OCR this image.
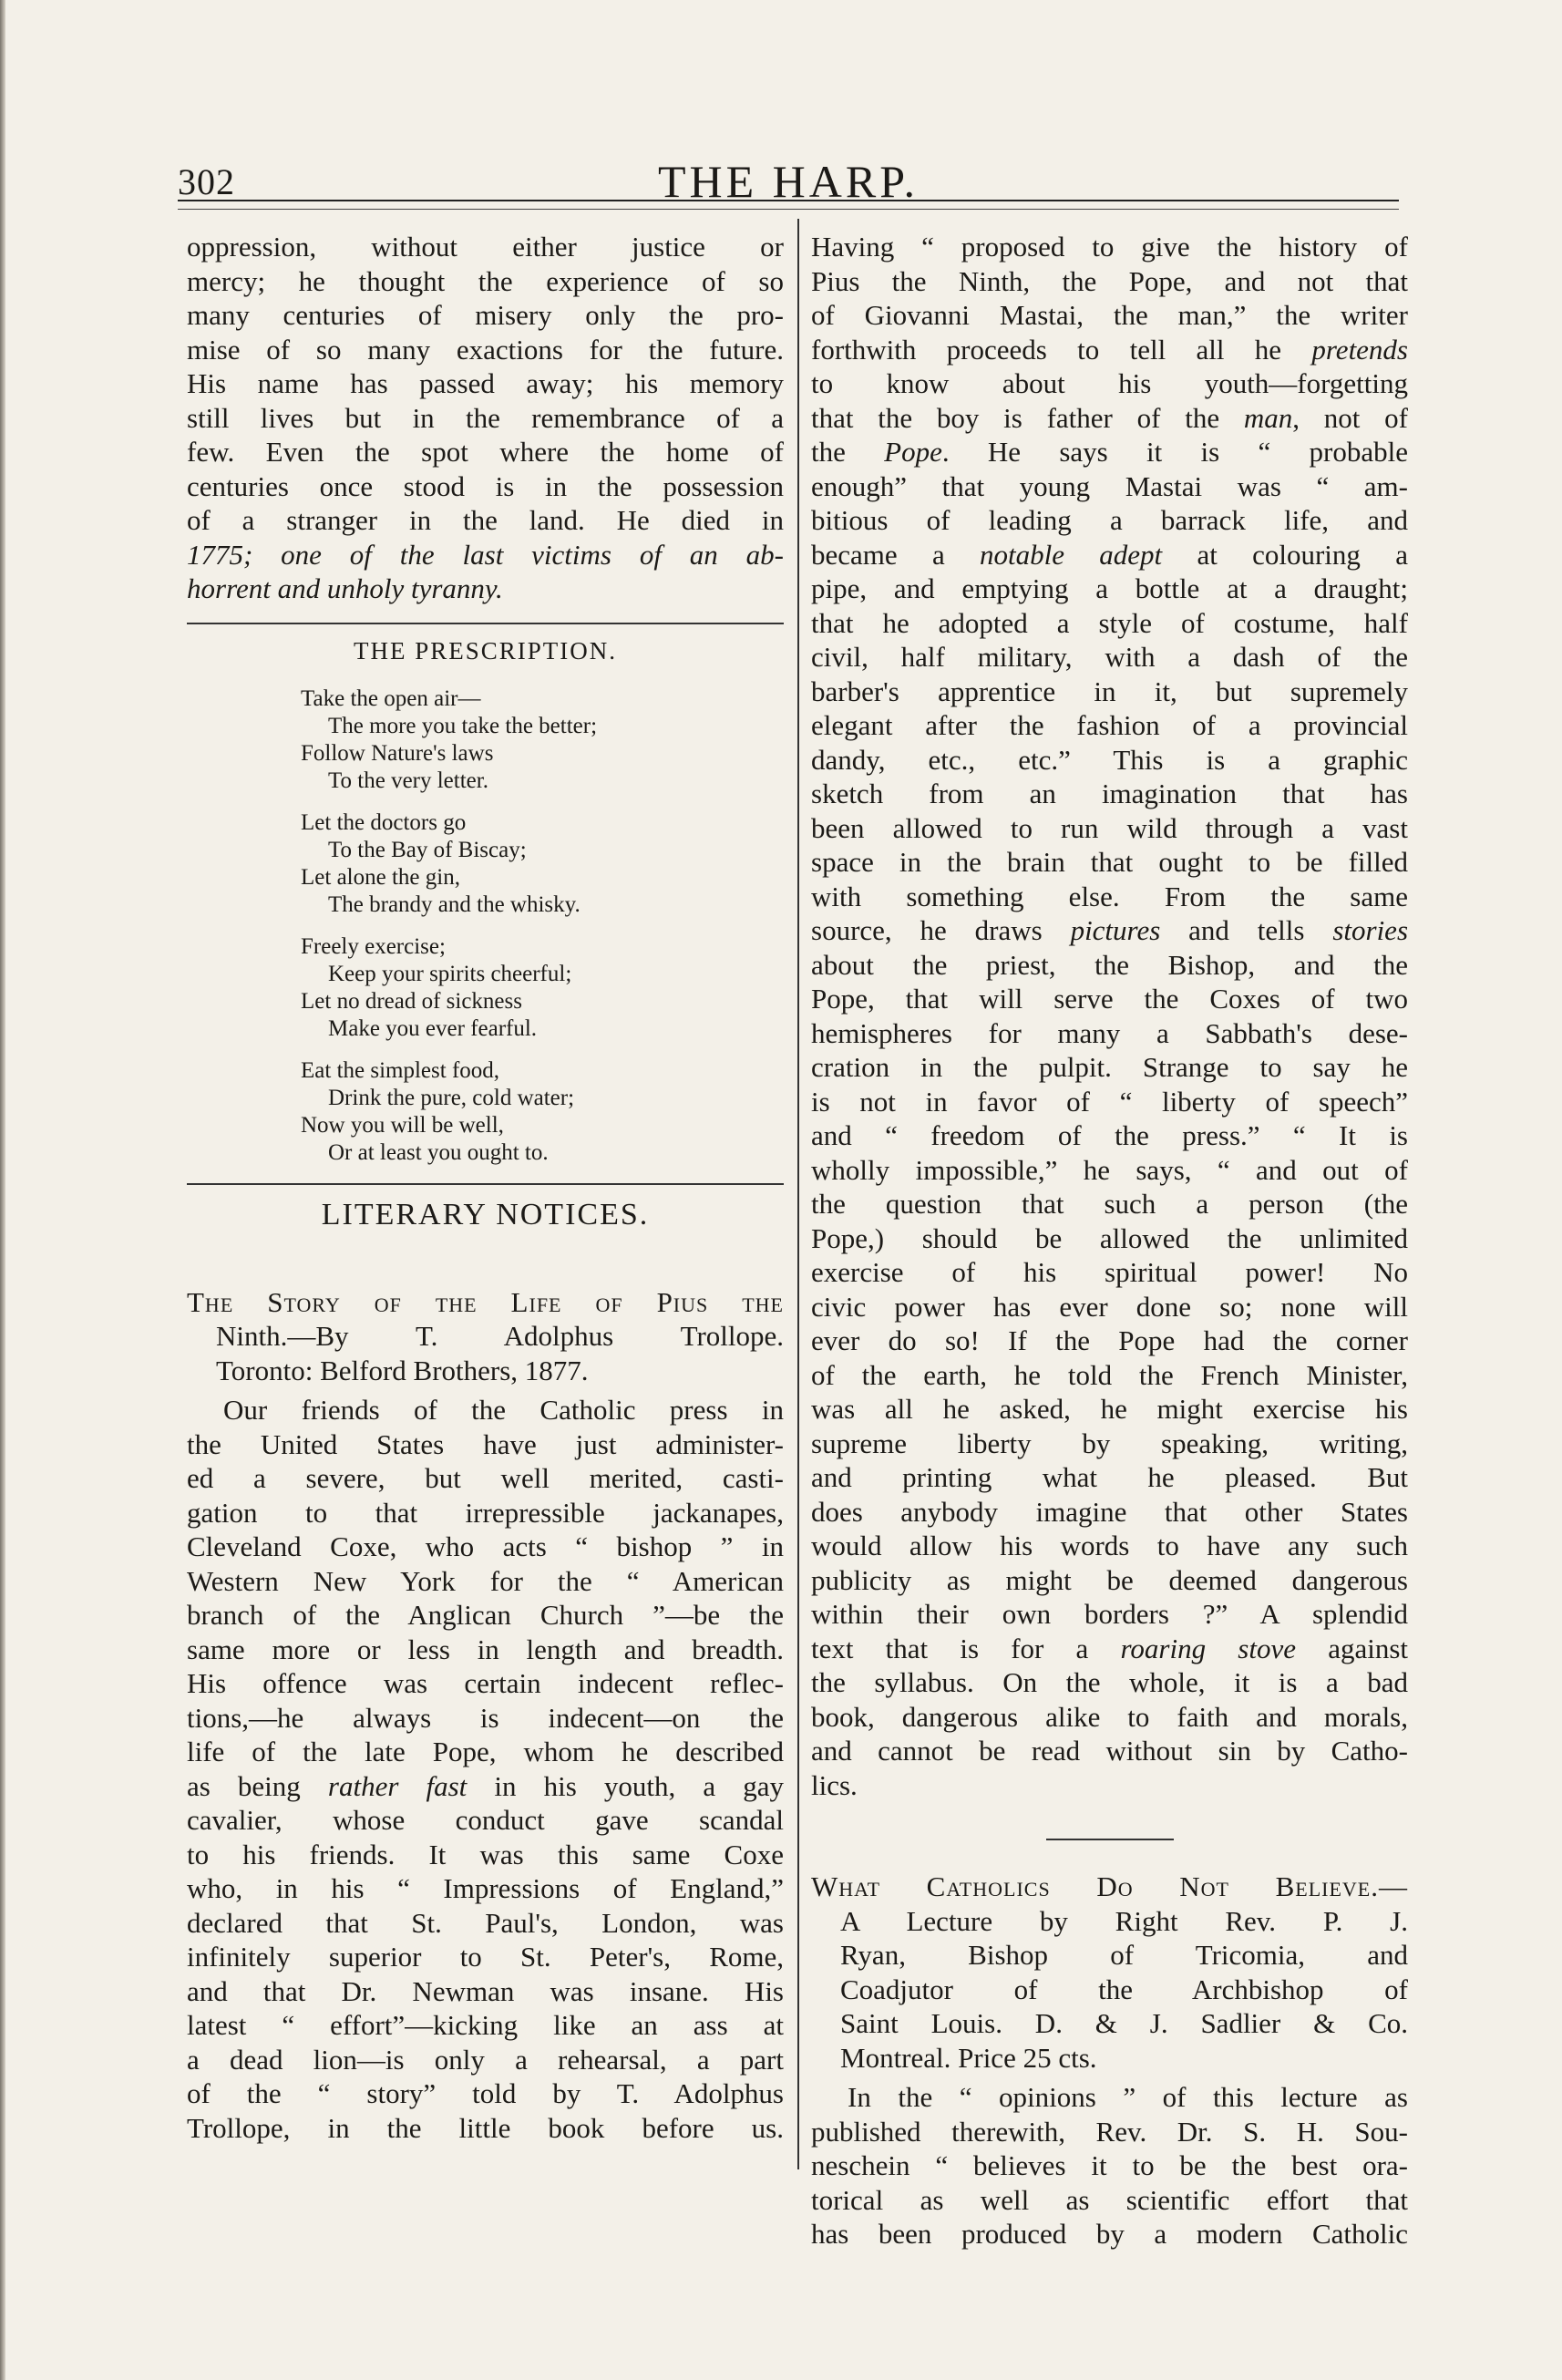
302	THE HARP.
oppression, without either justice or
mercy; he thought the experience of so
many centuries of misery only the pro-
mise of so many exactions for the future.
His name has passed away; his memory
still lives but in the remembrance of a
few. Even the spot where the home of
centuries once stood is in the possession
of a stranger in the land. He died in
1775; one of the last victims of an ab-
horrent and unholy tyranny.
THE PRESCRIPTION.
Take the open air—
The more you take the better;
Follow Nature's laws
To the very letter.
Let the doctors go
To the Bay of Biscay;
Let alone the gin,
The brandy and the whisky.
Freely exercise;
Keep your spirits cheerful;
Let no dread of sickness
Make you ever fearful.
Eat the simplest food,
Drink the pure, cold water;
Now you will be well,
Or at least you ought to.
LITERARY NOTICES.
The Story of the Life of Pius the
Ninth.—By T. Adolphus Trollope.
Toronto: Belford Brothers, 1877.
Our friends of the Catholic press in
the United States have just administer-
ed a severe, but well merited, casti-
gation to that irrepressible jackanapes,
Cleveland Coxe, who acts “ bishop ” in
Western New York for the “ American
branch of the Anglican Church ”—be the
same more or less in length and breadth.
His offence was certain indecent reflec-
tions,—he always is indecent—on the
life of the late Pope, whom he described
as being rather fast in his youth, a gay
cavalier, whose conduct gave scandal
to his friends. It was this same Coxe
who, in his “ Impressions of England,”
declared that St. Paul's, London, was
infinitely superior to St. Peter's, Rome,
and that Dr. Newman was insane. His
latest “ effort”—kicking like an ass at
a dead lion—is only a rehearsal, a part
of the “ story” told by T. Adolphus
Trollope, in the little book before us.
Having “ proposed to give the history of
Pius the Ninth, the Pope, and not that
of Giovanni Mastai, the man,” the writer
forthwith proceeds to tell all he pretends
to know about his youth—forgetting
that the boy is father of the man, not of
the Pope. He says it is “ probable
enough” that young Mastai was “ am-
bitious of leading a barrack life, and
became a notable adept at colouring a
pipe, and emptying a bottle at a draught;
that he adopted a style of costume, half
civil, half military, with a dash of the
barber's apprentice in it, but supremely
elegant after the fashion of a provincial
dandy, etc., etc.” This is a graphic
sketch from an imagination that has
been allowed to run wild through a vast
space in the brain that ought to be filled
with something else. From the same
source, he draws pictures and tells stories
about the priest, the Bishop, and the
Pope, that will serve the Coxes of two
hemispheres for many a Sabbath's dese-
cration in the pulpit. Strange to say he
is not in favor of “ liberty of speech”
and “ freedom of the press.” “ It is
wholly impossible,” he says, “ and out of
the question that such a person (the
Pope,) should be allowed the unlimited
exercise of his spiritual power! No
civic power has ever done so; none will
ever do so! If the Pope had the corner
of the earth, he told the French Minister,
was all he asked, he might exercise his
supreme liberty by speaking, writing,
and printing what he pleased. But
does anybody imagine that other States
would allow his words to have any such
publicity as might be deemed dangerous
within their own borders ?” A splendid
text that is for a roaring stove against
the syllabus. On the whole, it is a bad
book, dangerous alike to faith and morals,
and cannot be read without sin by Catho-
lics.
What Catholics Do Not Believe.—
A Lecture by Right Rev. P. J.
Ryan, Bishop of Tricomia, and
Coadjutor of the Archbishop of
Saint Louis. D. & J. Sadlier & Co.
Montreal. Price 25 cts.
In the “ opinions ” of this lecture as
published therewith, Rev. Dr. S. H. Sou-
neschein “ believes it to be the best ora-
torical as well as scientific effort that
has been produced by a modern Catholic
